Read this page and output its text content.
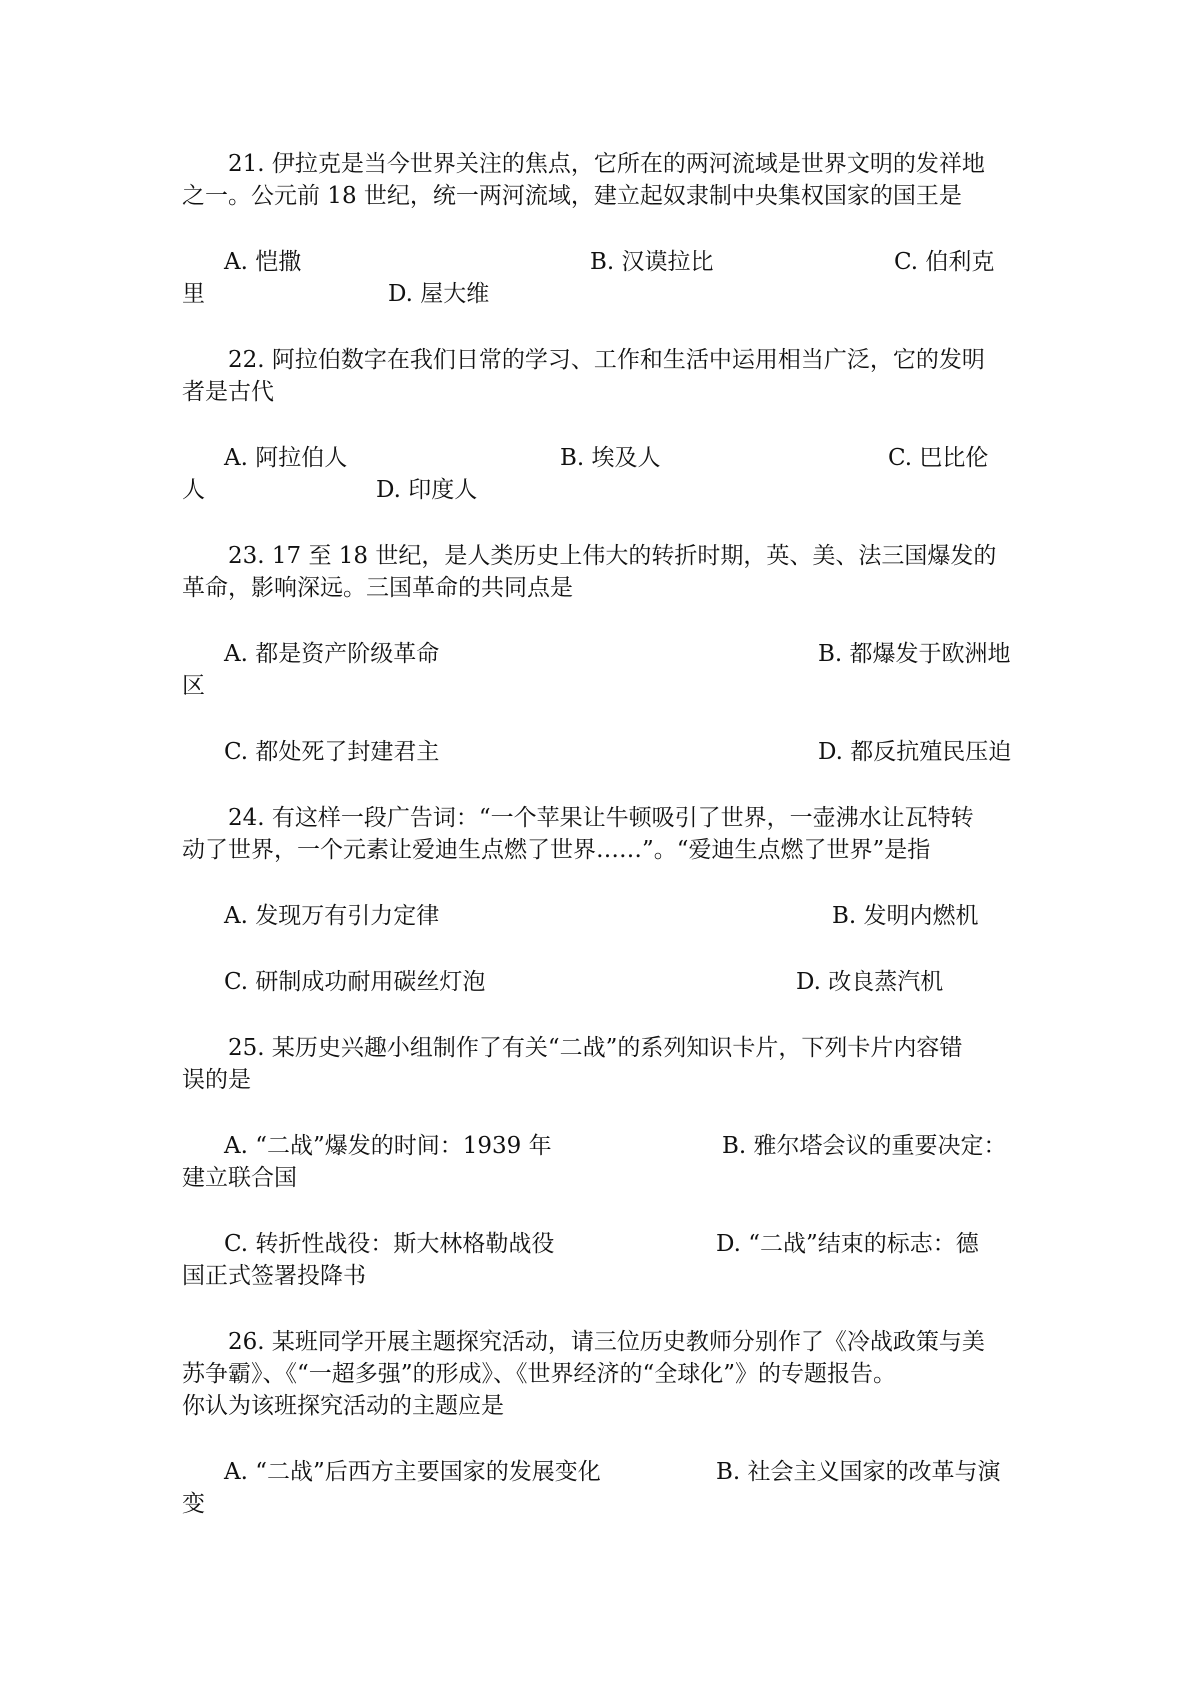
　　21. 伊拉克是当今世界关注的焦点，它所在的两河流域是世界文明的发祥地
之一。公元前 18 世纪，统一两河流域，建立起奴隶制中央集权国家的国王是
A. 恺撒	B. 汉谟拉比	C. 伯利克
里	D. 屋大维
　　22. 阿拉伯数字在我们日常的学习、工作和生活中运用相当广泛，它的发明
者是古代
A. 阿拉伯人	B. 埃及人	C. 巴比伦
人	D. 印度人
　　23. 17 至 18 世纪，是人类历史上伟大的转折时期，英、美、法三国爆发的
革命，影响深远。三国革命的共同点是
A. 都是资产阶级革命	B. 都爆发于欧洲地
区
C. 都处死了封建君主	D. 都反抗殖民压迫
　　24. 有这样一段广告词：“一个苹果让牛顿吸引了世界，一壶沸水让瓦特转
动了世界，一个元素让爱迪生点燃了世界……”。“爱迪生点燃了世界”是指
A. 发现万有引力定律	B. 发明内燃机
C. 研制成功耐用碳丝灯泡	D. 改良蒸汽机
　　25. 某历史兴趣小组制作了有关“二战”的系列知识卡片，下列卡片内容错
误的是
A. “二战”爆发的时间：1939 年	B. 雅尔塔会议的重要决定：
建立联合国
C. 转折性战役：斯大林格勒战役	D. “二战”结束的标志：德
国正式签署投降书
　　26. 某班同学开展主题探究活动，请三位历史教师分别作了《冷战政策与美
苏争霸》、《“一超多强”的形成》、《世界经济的“全球化”》的专题报告。
你认为该班探究活动的主题应是
A. “二战”后西方主要国家的发展变化	B. 社会主义国家的改革与演
变
